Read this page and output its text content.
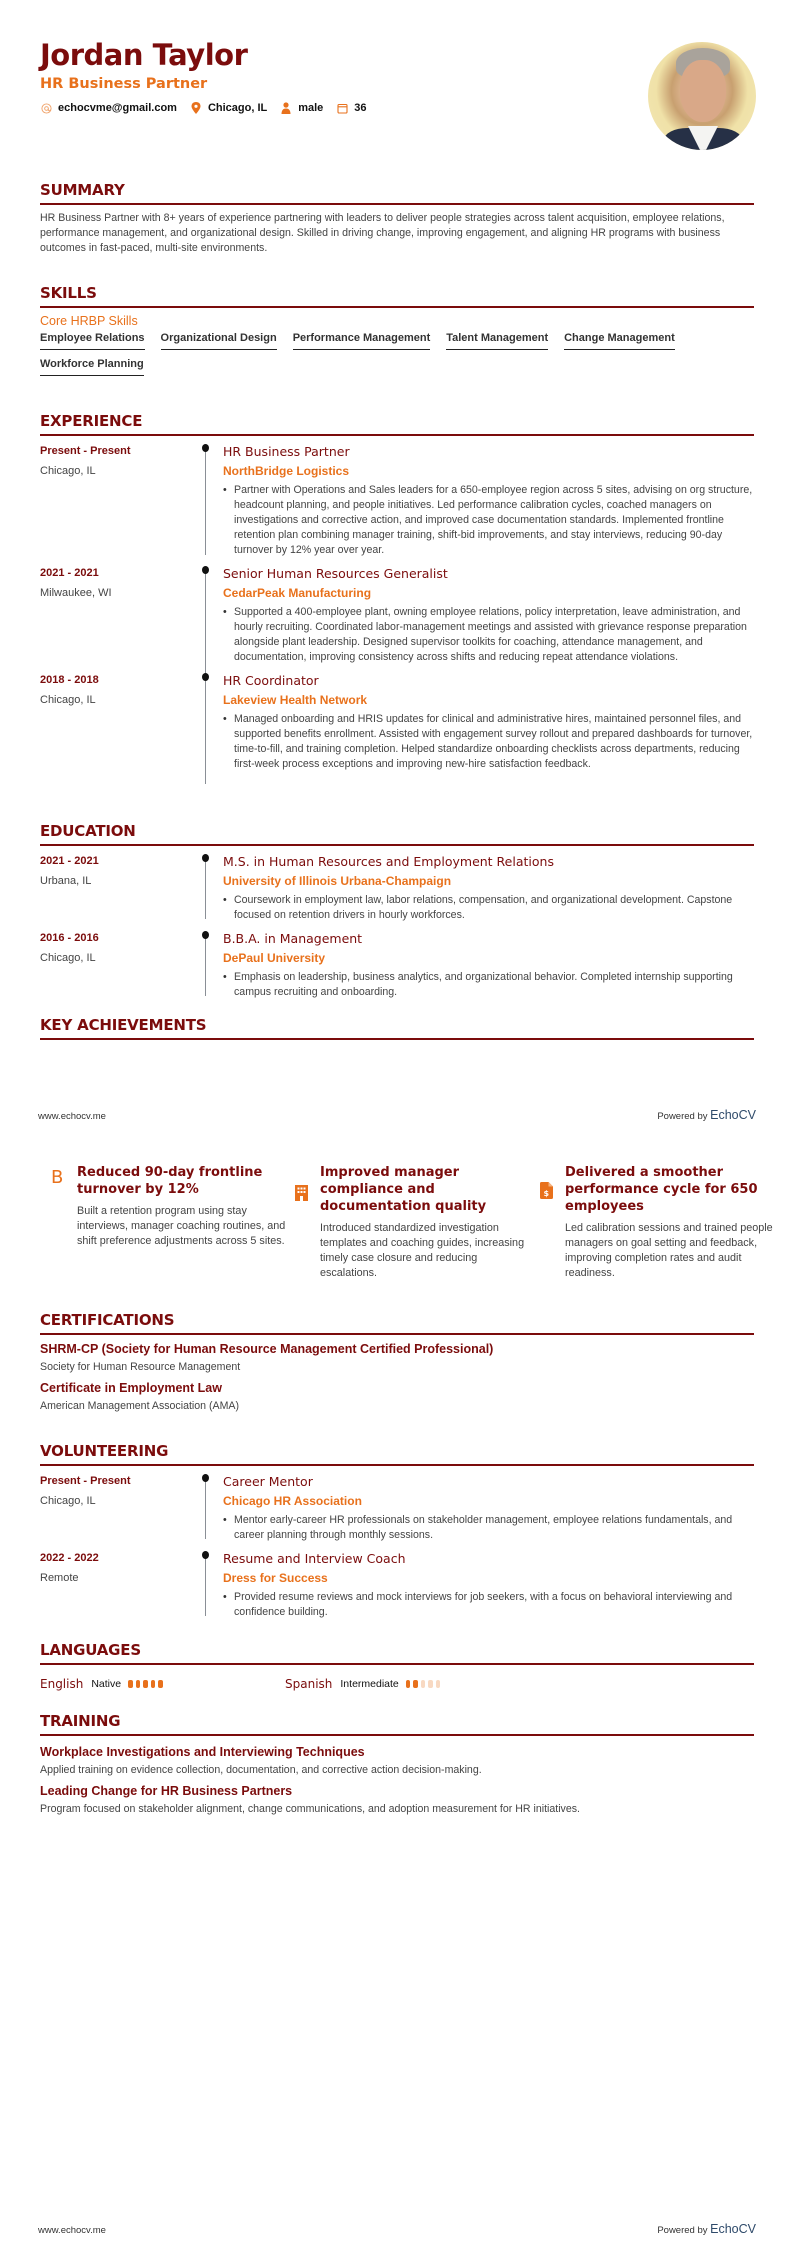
Jordan Taylor
HR Business Partner
echocvme@gmail.com	Chicago, IL	male	36
SUMMARY
HR Business Partner with 8+ years of experience partnering with leaders to deliver people strategies across talent acquisition, employee relations, performance management, and organizational design. Skilled in driving change, improving engagement, and aligning HR programs with business outcomes in fast-paced, multi-site environments.
SKILLS
Core HRBP Skills
Employee Relations Organizational Design Performance Management Talent Management Change Management
Workforce Planning
EXPERIENCE
Present - Present
Chicago, IL
HR Business Partner
NorthBridge Logistics
• Partner with Operations and Sales leaders for a 650-employee region across 5 sites, advising on org structure, headcount planning, and people initiatives. Led performance calibration cycles, coached managers on investigations and corrective action, and improved case documentation standards. Implemented frontline retention plan combining manager training, shift-bid improvements, and stay interviews, reducing 90-day turnover by 12% year over year.
2021 - 2021
Milwaukee, WI
Senior Human Resources Generalist
CedarPeak Manufacturing
• Supported a 400-employee plant, owning employee relations, policy interpretation, leave administration, and hourly recruiting. Coordinated labor-management meetings and assisted with grievance response preparation alongside plant leadership. Designed supervisor toolkits for coaching, attendance management, and documentation, improving consistency across shifts and reducing repeat attendance violations.
2018 - 2018
Chicago, IL
HR Coordinator
Lakeview Health Network
• Managed onboarding and HRIS updates for clinical and administrative hires, maintained personnel files, and supported benefits enrollment. Assisted with engagement survey rollout and prepared dashboards for turnover, time-to-fill, and training completion. Helped standardize onboarding checklists across departments, reducing first-week process exceptions and improving new-hire satisfaction feedback.
EDUCATION
2021 - 2021
Urbana, IL
M.S. in Human Resources and Employment Relations
University of Illinois Urbana-Champaign
• Coursework in employment law, labor relations, compensation, and organizational development. Capstone focused on retention drivers in hourly workforces.
2016 - 2016
Chicago, IL
B.B.A. in Management
DePaul University
• Emphasis on leadership, business analytics, and organizational behavior. Completed internship supporting campus recruiting and onboarding.
KEY ACHIEVEMENTS
www.echocv.me	Powered by EchoCV
B Reduced 90-day frontline turnover by 12%
Built a retention program using stay interviews, manager coaching routines, and shift preference adjustments across 5 sites.
Improved manager compliance and documentation quality
Introduced standardized investigation templates and coaching guides, increasing timely case closure and reducing escalations.
$
Delivered a smoother performance cycle for 650 employees
Led calibration sessions and trained people managers on goal setting and feedback, improving completion rates and audit readiness.
CERTIFICATIONS
SHRM-CP (Society for Human Resource Management Certified Professional)
Society for Human Resource Management
Certificate in Employment Law
American Management Association (AMA)
VOLUNTEERING
Present - Present
Chicago, IL
Career Mentor
Chicago HR Association
• Mentor early-career HR professionals on stakeholder management, employee relations fundamentals, and career planning through monthly sessions.
2022 - 2022
Remote
Resume and Interview Coach
Dress for Success
• Provided resume reviews and mock interviews for job seekers, with a focus on behavioral interviewing and confidence building.
LANGUAGES
English Native	Spanish Intermediate
TRAINING
Workplace Investigations and Interviewing Techniques
Applied training on evidence collection, documentation, and corrective action decision-making.
Leading Change for HR Business Partners
Program focused on stakeholder alignment, change communications, and adoption measurement for HR initiatives.
www.echocv.me	Powered by EchoCV
